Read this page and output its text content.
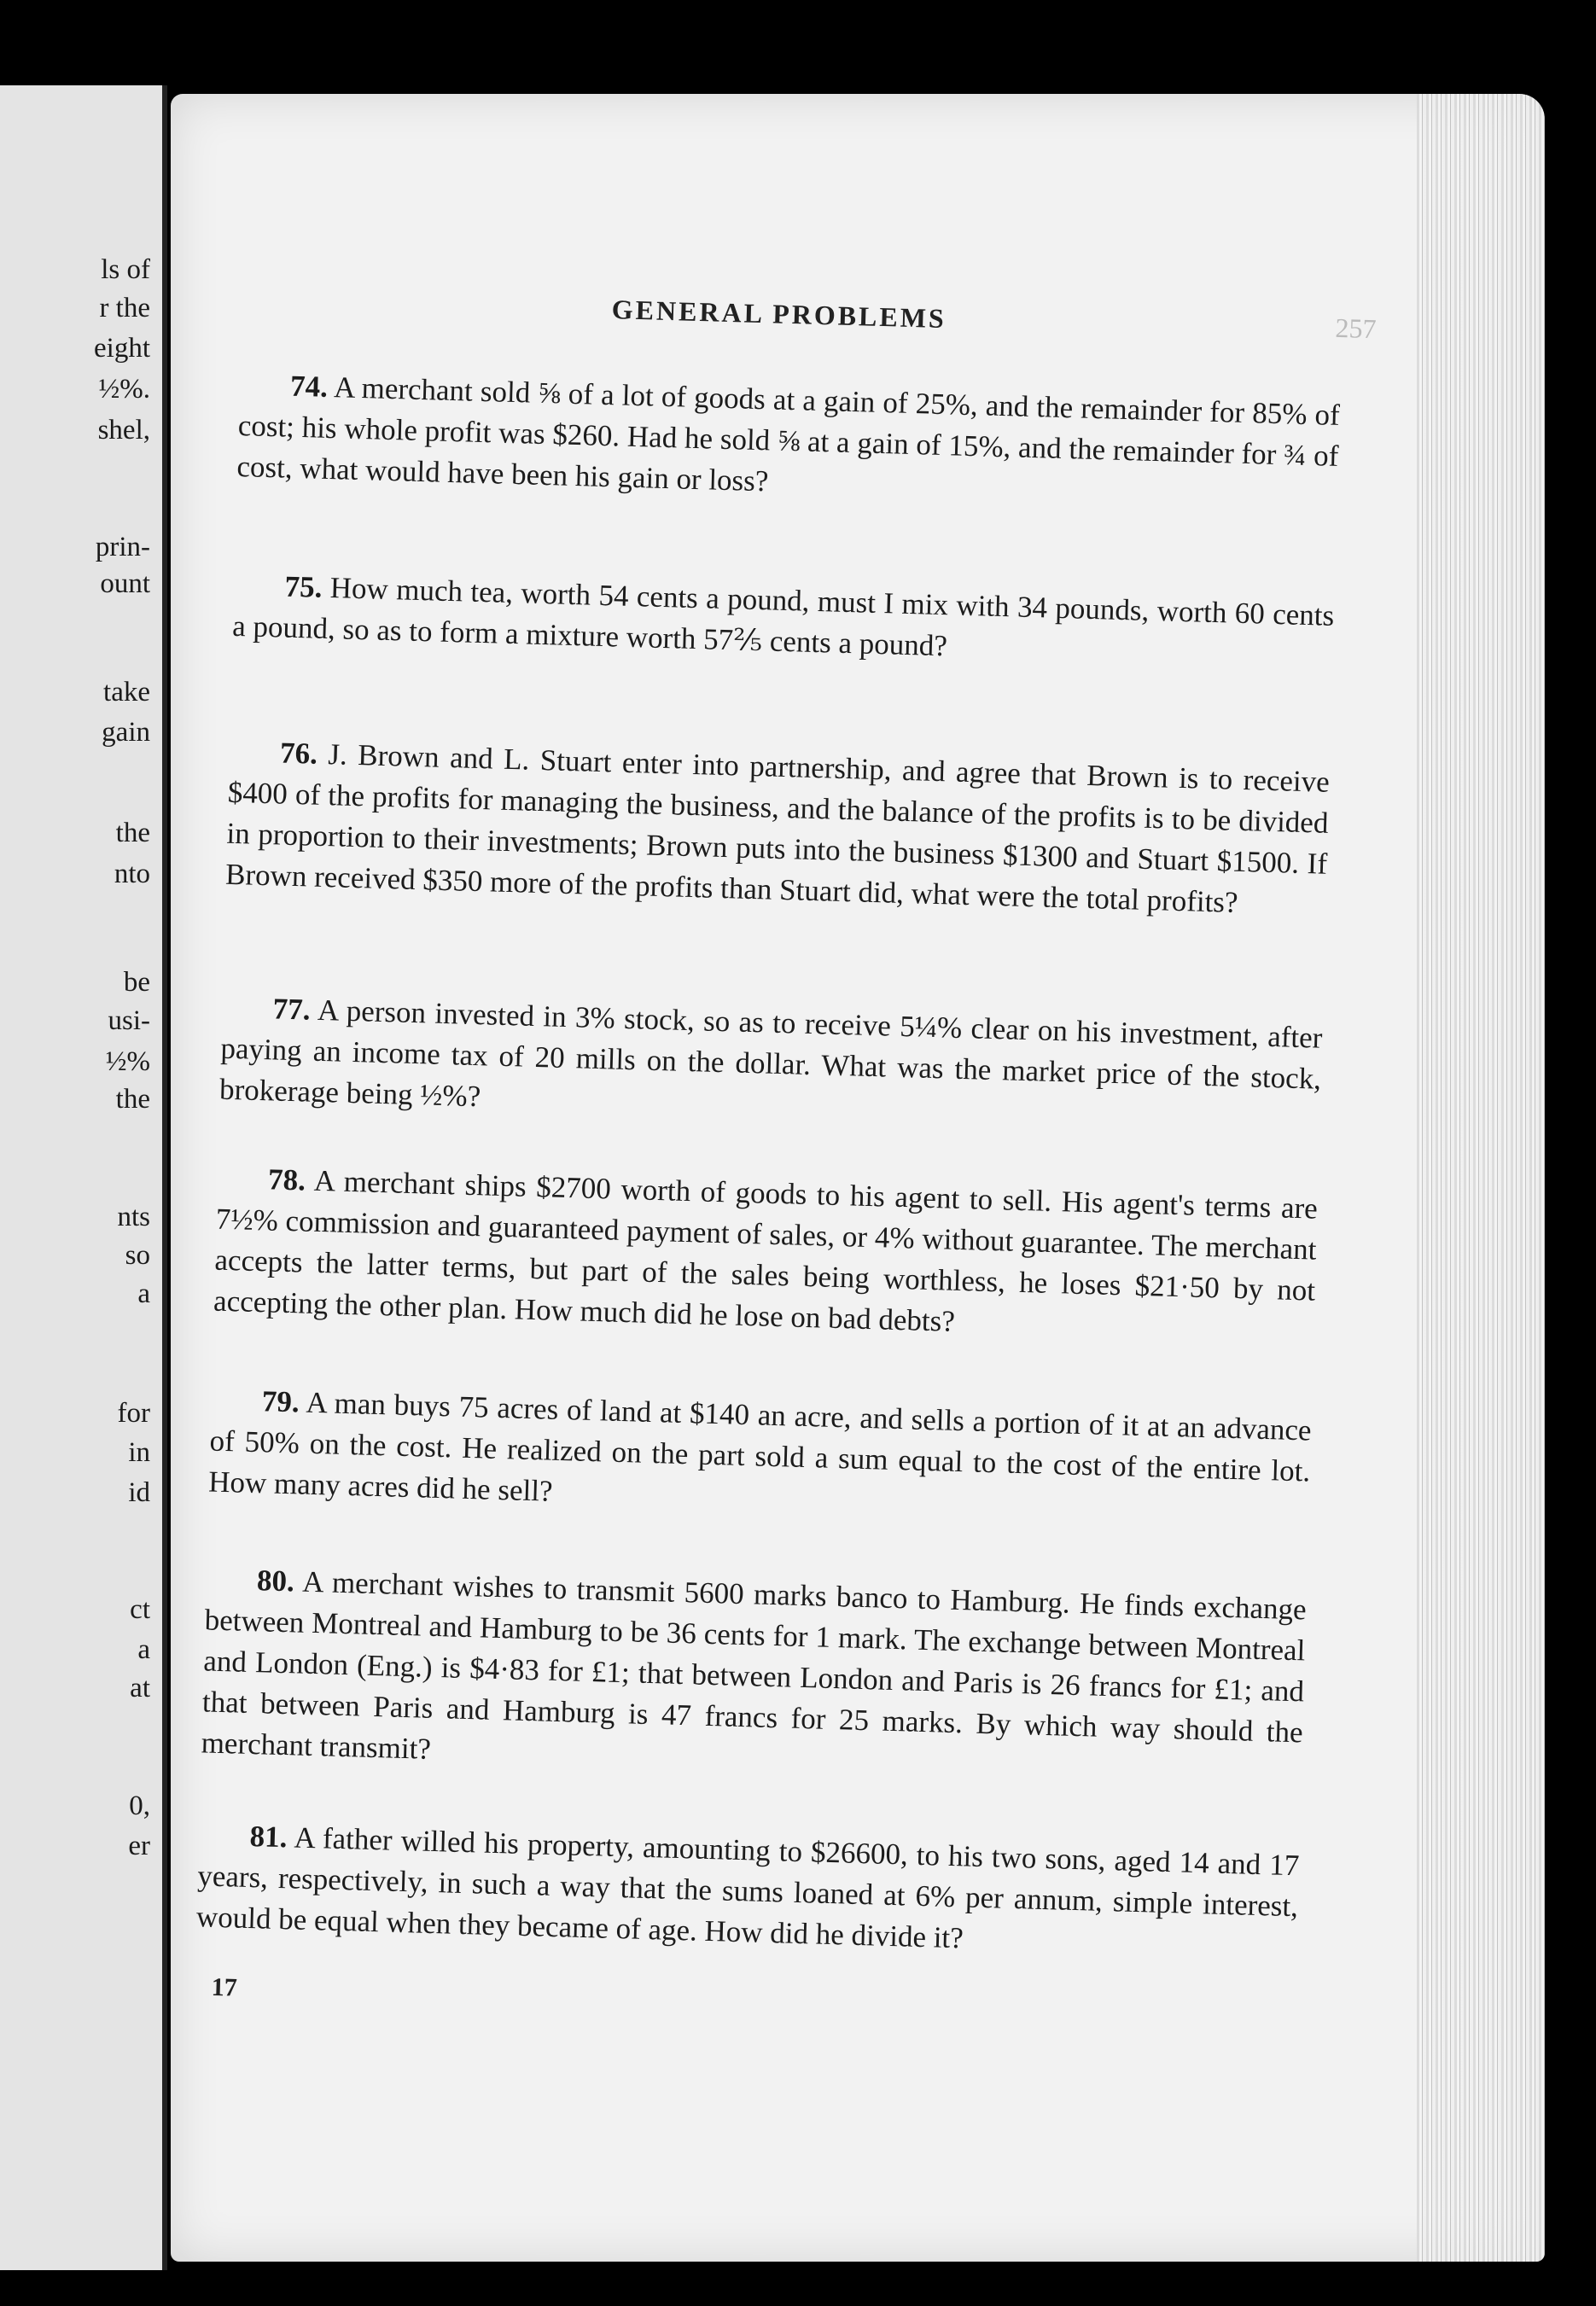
ls of
r the
eight
½%.
shel,
prin-
ount
take
gain
the
nto
be
usi-
½%
the
nts
so
a
for
in
id
ct
a
at
0,
er
GENERAL PROBLEMS	257

74. A merchant sold ⅝ of a lot of goods at a gain of 25%, and the remainder for 85% of cost; his whole profit was $260. Had he sold ⅝ at a gain of 15%, and the remainder for ¾ of cost, what would have been his gain or loss?

75. How much tea, worth 54 cents a pound, must I mix with 34 pounds, worth 60 cents a pound, so as to form a mixture worth 57⅖ cents a pound?

76. J. Brown and L. Stuart enter into partnership, and agree that Brown is to receive $400 of the profits for managing the business, and the balance of the profits is to be divided in proportion to their investments; Brown puts into the business $1300 and Stuart $1500. If Brown received $350 more of the profits than Stuart did, what were the total profits?

77. A person invested in 3% stock, so as to receive 5¼% clear on his investment, after paying an income tax of 20 mills on the dollar. What was the market price of the stock, brokerage being ½%?

78. A merchant ships $2700 worth of goods to his agent to sell. His agent's terms are 7½% commission and guaranteed payment of sales, or 4% without guarantee. The merchant accepts the latter terms, but part of the sales being worthless, he loses $21·50 by not accepting the other plan. How much did he lose on bad debts?

79. A man buys 75 acres of land at $140 an acre, and sells a portion of it at an advance of 50% on the cost. He realized on the part sold a sum equal to the cost of the entire lot. How many acres did he sell?

80. A merchant wishes to transmit 5600 marks banco to Hamburg. He finds exchange between Montreal and Hamburg to be 36 cents for 1 mark. The exchange between Montreal and London (Eng.) is $4·83 for £1; that between London and Paris is 26 francs for £1; and that between Paris and Hamburg is 47 francs for 25 marks. By which way should the merchant transmit?

81. A father willed his property, amounting to $26600, to his two sons, aged 14 and 17 years, respectively, in such a way that the sums loaned at 6% per annum, simple interest, would be equal when they became of age. How did he divide it?

17
